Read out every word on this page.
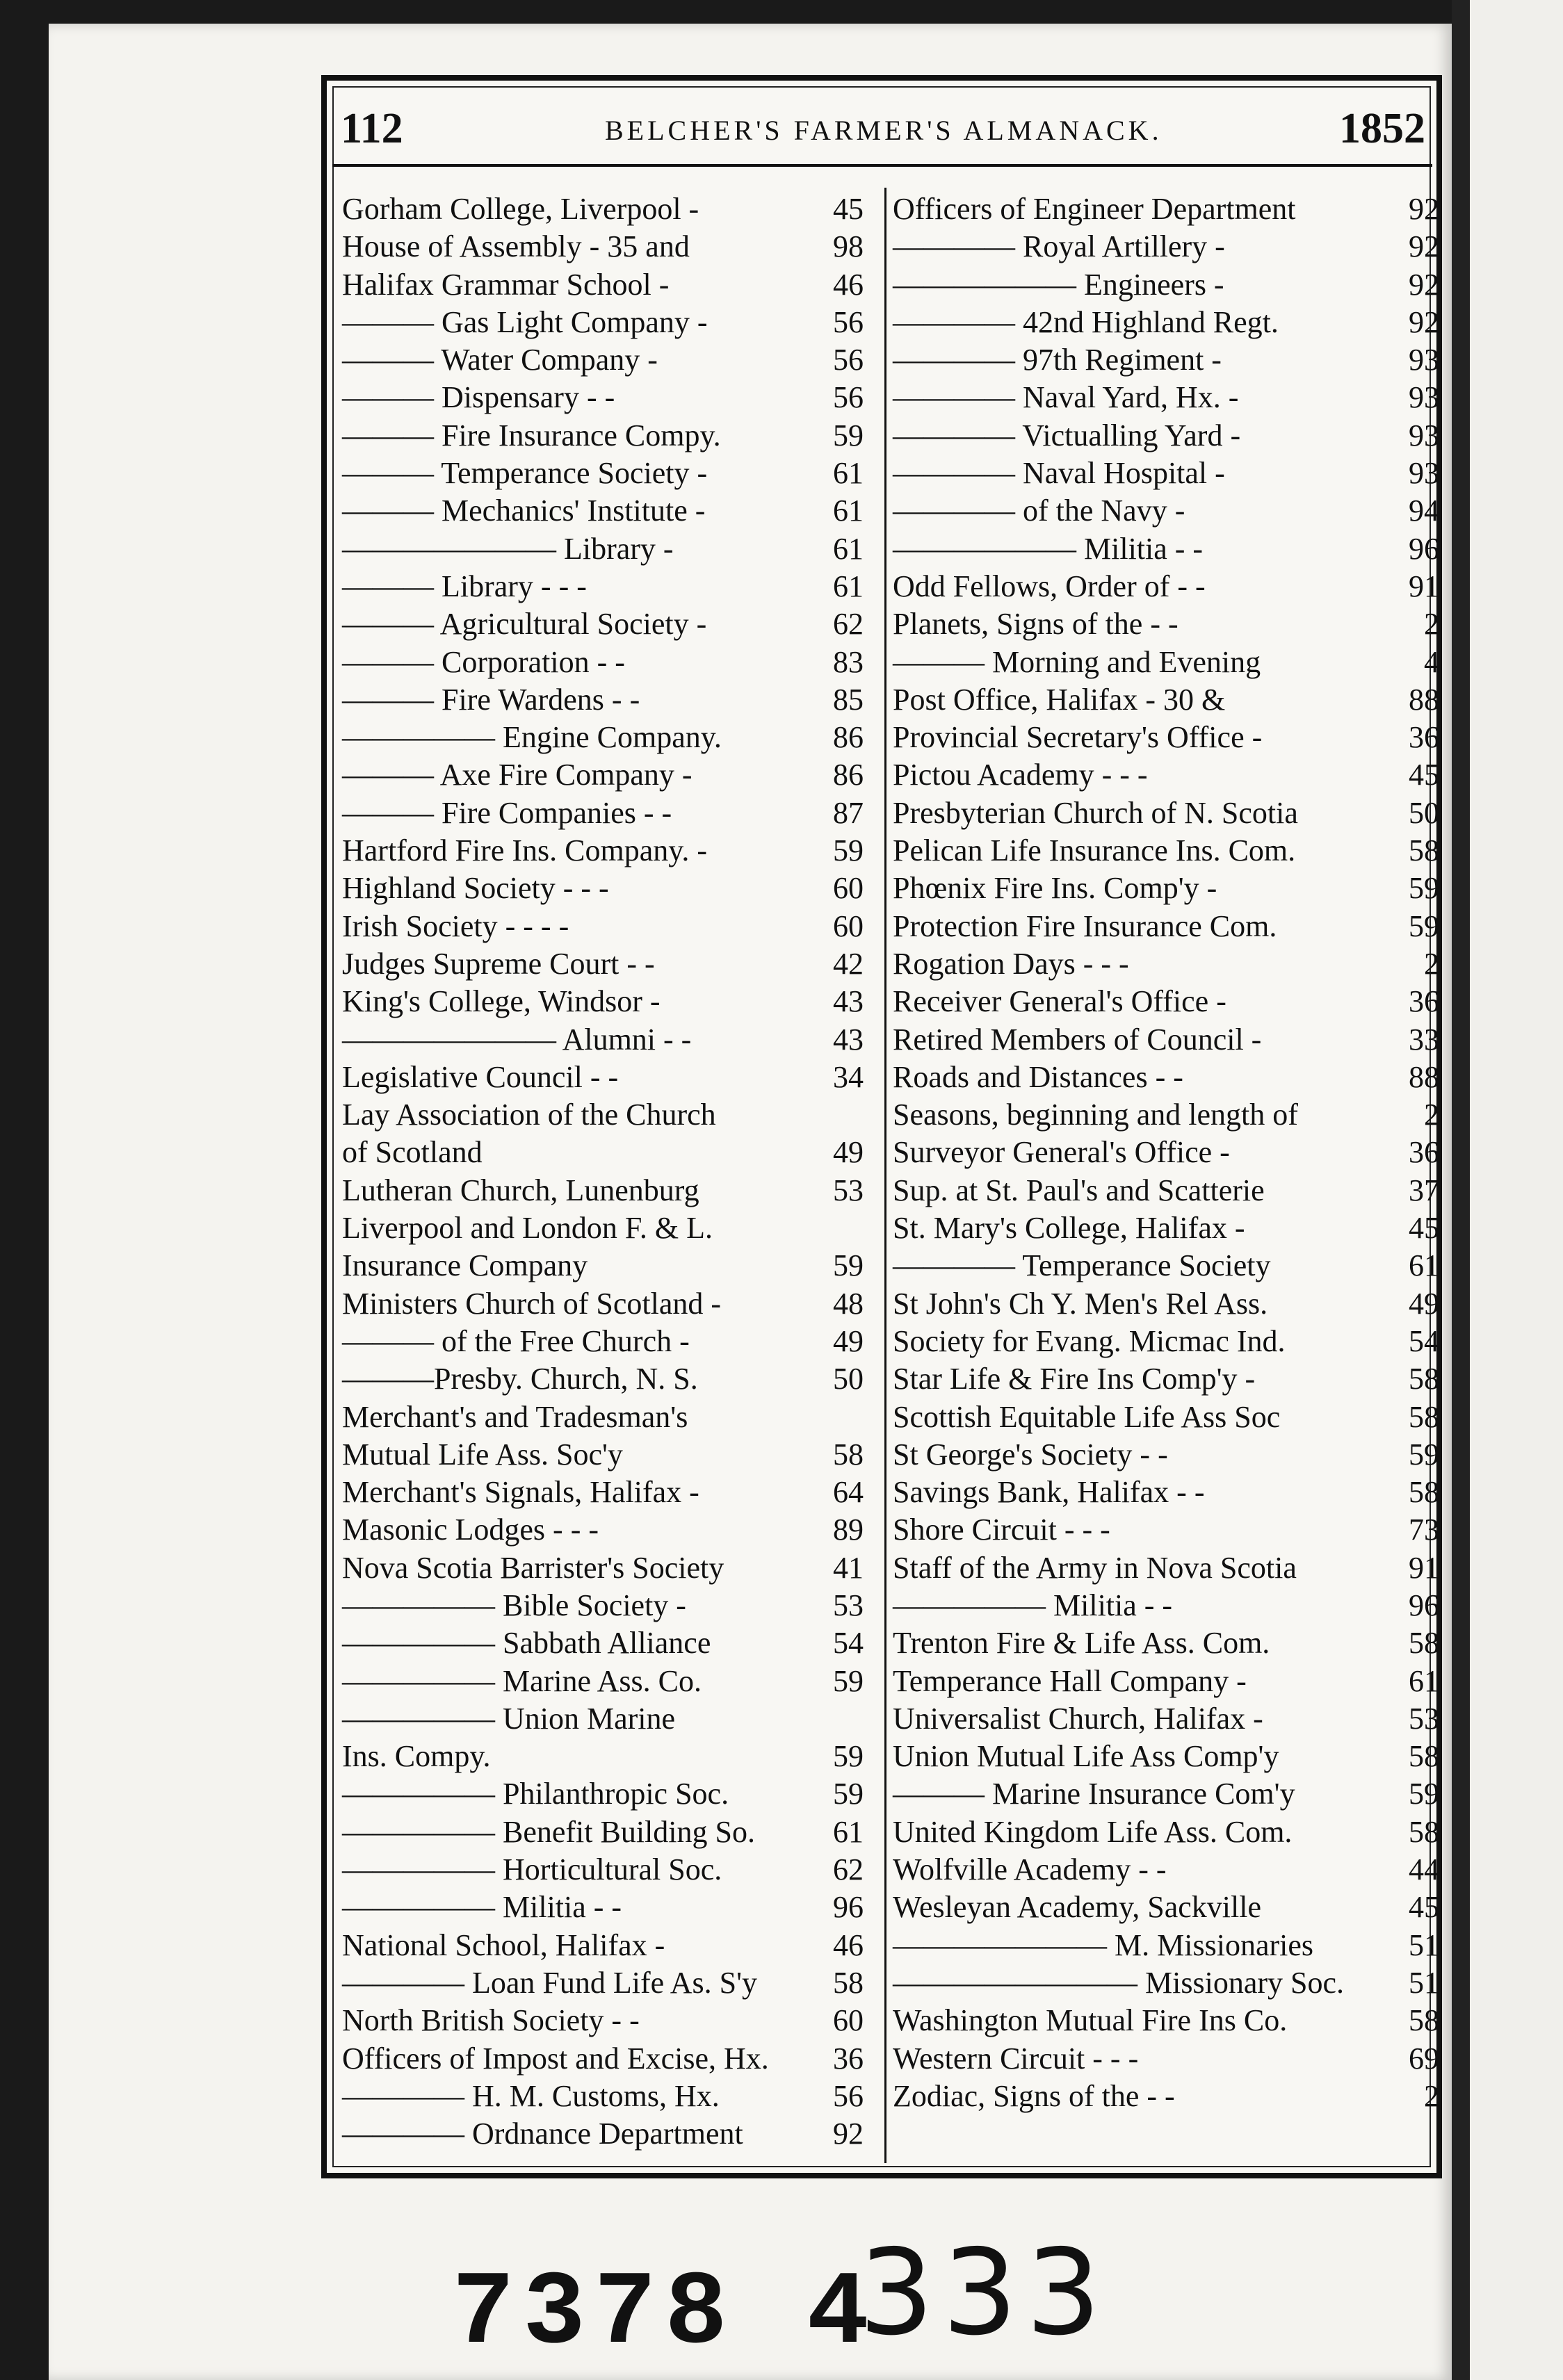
112	BELCHER'S FARMER'S ALMANACK.	1852
Gorham College, Liverpool -	45
House of Assembly - 35 and	98
Halifax Grammar School -	46
——— Gas Light Company -	56
——— Water Company -	56
——— Dispensary - -	56
——— Fire Insurance Compy.	59
——— Temperance Society -	61
——— Mechanics' Institute -	61
——————— Library -	61
——— Library - - -	61
——— Agricultural Society -	62
——— Corporation - -	83
——— Fire Wardens - -	85
————— Engine Company.	86
——— Axe Fire Company -	86
——— Fire Companies - -	87
Hartford Fire Ins. Company. -	59
Highland Society - - -	60
Irish Society - - - -	60
Judges Supreme Court - -	42
King's College, Windsor -	43
——————— Alumni - -	43
Legislative Council - -	34
Lay Association of the Church
of Scotland	49
Lutheran Church, Lunenburg	53
Liverpool and London F. & L.
Insurance Company	59
Ministers Church of Scotland -	48
——— of the Free Church -	49
———Presby. Church, N. S.	50
Merchant's and Tradesman's
Mutual Life Ass. Soc'y	58
Merchant's Signals, Halifax -	64
Masonic Lodges - - -	89
Nova Scotia Barrister's Society	41
————— Bible Society -	53
————— Sabbath Alliance	54
————— Marine Ass. Co.	59
————— Union Marine
Ins. Compy.	59
————— Philanthropic Soc.	59
————— Benefit Building So.	61
————— Horticultural Soc.	62
————— Militia - -	96
National School, Halifax -	46
———— Loan Fund Life As. S'y 58
North British Society - -	60
Officers of Impost and Excise, Hx. 36
———— H. M. Customs, Hx.	56
———— Ordnance Department	92
Officers of Engineer Department	92
———— Royal Artillery -	92
—————— Engineers -	92
———— 42nd Highland Regt.	92
———— 97th Regiment -	93
———— Naval Yard, Hx. -	93
———— Victualling Yard -	93
———— Naval Hospital -	93
———— of the Navy -	94
—————— Militia - -	96
Odd Fellows, Order of - -	91
Planets, Signs of the - -	2
——— Morning and Evening	4
Post Office, Halifax - 30 &	88
Provincial Secretary's Office -	36
Pictou Academy - - -	45
Presbyterian Church of N. Scotia	50
Pelican Life Insurance Ins. Com.	58
Phœnix Fire Ins. Comp'y -	59
Protection Fire Insurance Com.	59
Rogation Days - - -	2
Receiver General's Office -	36
Retired Members of Council -	33
Roads and Distances - -	88
Seasons, beginning and length of	2
Surveyor General's Office -	36
Sup. at St. Paul's and Scatterie	37
St. Mary's College, Halifax -	45
———— Temperance Society	61
St John's Ch Y. Men's Rel Ass.	49
Society for Evang. Micmac Ind.	54
Star Life & Fire Ins Comp'y -	58
Scottish Equitable Life Ass Soc	58
St George's Society - -	59
Savings Bank, Halifax - -	58
Shore Circuit - - -	73
Staff of the Army in Nova Scotia	91
————— Militia - -	96
Trenton Fire & Life Ass. Com.	58
Temperance Hall Company -	61
Universalist Church, Halifax -	53
Union Mutual Life Ass Comp'y	58
——— Marine Insurance Com'y	59
United Kingdom Life Ass. Com.	58
Wolfville Academy - -	44
Wesleyan Academy, Sackville	45
——————— M. Missionaries	51
———————— Missionary Soc. 51
Washington Mutual Fire Ins Co.	58
Western Circuit - - -	69
Zodiac, Signs of the - -	2
7378 4
333
